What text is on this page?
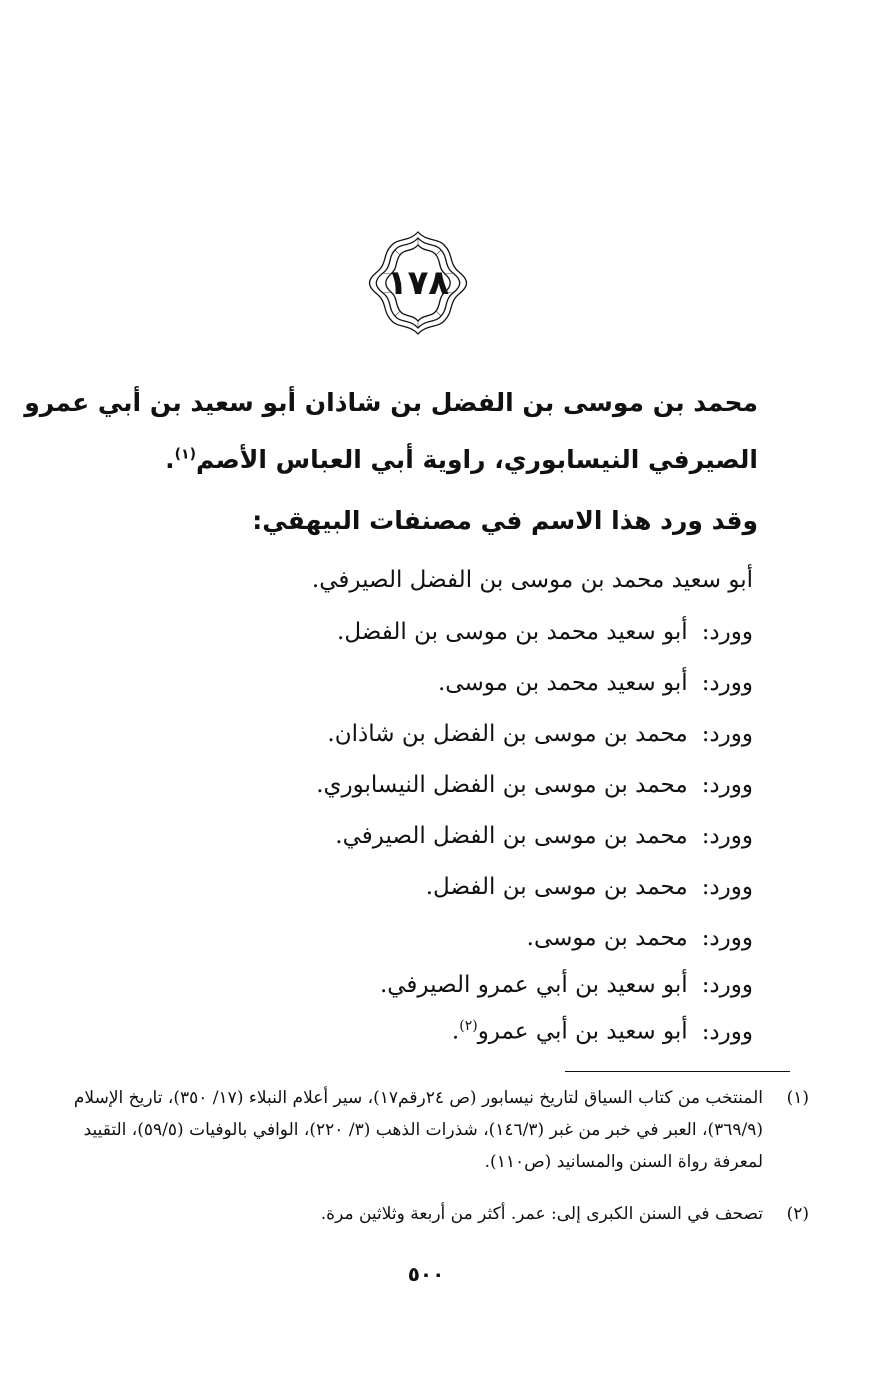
١٧٨
محمد بن موسى بن الفضل بن شاذان أبو سعيد بن أبي عمرو
الصيرفي النيسابوري، راوية أبي العباس الأصم$^{(١)}$.
وقد ورد هذا الاسم في مصنفات البيهقي:
أبو سعيد محمد بن موسى بن الفضل الصيرفي.
وورد:أبو سعيد محمد بن موسى بن الفضل.
وورد:أبو سعيد محمد بن موسى.
وورد:محمد بن موسى بن الفضل بن شاذان.
وورد:محمد بن موسى بن الفضل النيسابوري.
وورد:محمد بن موسى بن الفضل الصيرفي.
وورد:محمد بن موسى بن الفضل.
وورد:محمد بن موسى.
وورد:أبو سعيد بن أبي عمرو الصيرفي.
وورد:أبو سعيد بن أبي عمرو$^{(٢)}$.
(١)
المنتخب من كتاب السياق لتاريخ نيسابور (ص ٢٤رقم١٧)، سير أعلام النبلاء (١٧/ ٣٥٠)، تاريخ الإسلام (٣٦٩/٩)، العبر في خبر من غبر (١٤٦/٣)، شذرات الذهب (٣/ ٢٢٠)، الوافي بالوفيات (٥٩/٥)، التقييد لمعرفة رواة السنن والمسانيد (ص١١٠).
(٢)
تصحف في السنن الكبرى إلى: عمر. أكثر من أربعة وثلاثين مرة.
٥٠٠
